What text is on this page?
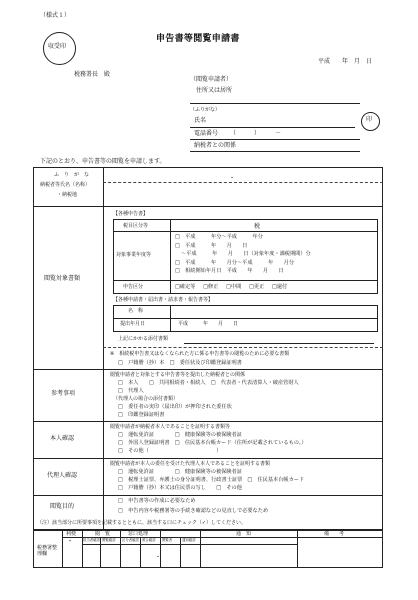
（様式１）
収受印
申告書等閲覧申請書
平成　　年　月　日
税務署長　殿
（閲覧申請者）
住所又は居所
（ふりがな）
氏名	印
電話番号 （　　　）　　　－
納税者との関係
下記のとおり、申告書等の閲覧を申請します。
ふ　り　が　な
納税者等氏名（名称）
・納税地
・
閲覧対象書類
【各種申告書】
税目区分等	税
対象事業年度等
□　平成　　　年分～平成　　　年分
□　平成　　　年　　月　　日
～平成　　　年　　月　　日（対象年度・課税期間）分
□　平成　　　年　　月分～平成　　　年　　月分
□　相続開始年月日　平成　　年　　月　　日
申告区分	□確定等 □修正 □中間 □更正 □還付
【各種申請書・届出書・請求書・報告書等】
名　称
提出年月日	平成　　　年　　月　　日
上記にかかる添付書類
※　相続税申告書又はなくなられた方に係る申告書等の閲覧のために必要な書類
□　戸籍謄（抄）本　□　委任状及び印鑑登録証明書
参考事項
閲覧申請者と対象とする申告書等を提出した納税者との関係
□　本人　　□　共同相続者・相続人　□　代表者・代表清算人・破産管財人
□　代理人
（代理人の場合の添付書類）
□　委任者の実印（届出印）が押印された委任状
□　印鑑登録証明書
本人確認
閲覧申請者が納税者本人であることを証明する書類等
□　運転免許証　　　　□　健康保険等の被保険者証
□　外国人登録証明書　□　住民基本台帳カード（住所が記載されているもの。）
□　その他（　　　　　　　　　　　　　）
代理人確認
閲覧申請者が本人の委任を受けた代理人本人であることを証明する書類
□　運転免許証　　　　□　健康保険等の被保険者証
□　税理士証票、弁護士の身分証明書、行政書士証票　□　住民基本台帳カード
□　戸籍謄（抄）本又は住民票の写し　　□　その他
閲覧目的
□　申告書等の作成に必要なため
□　申告内容や税務署等の手続き確認などの見直しで必要なため
（注）該当部分に所要事項を記載するとともに、該当する口にチェック（✓）してください。
税務署整理欄
利便	閲　覧	窓口処理	通　知	備　　考
*	担当者確認 閲覧確認 区分者確認 照合確認 閲覧者	通知確認
・
